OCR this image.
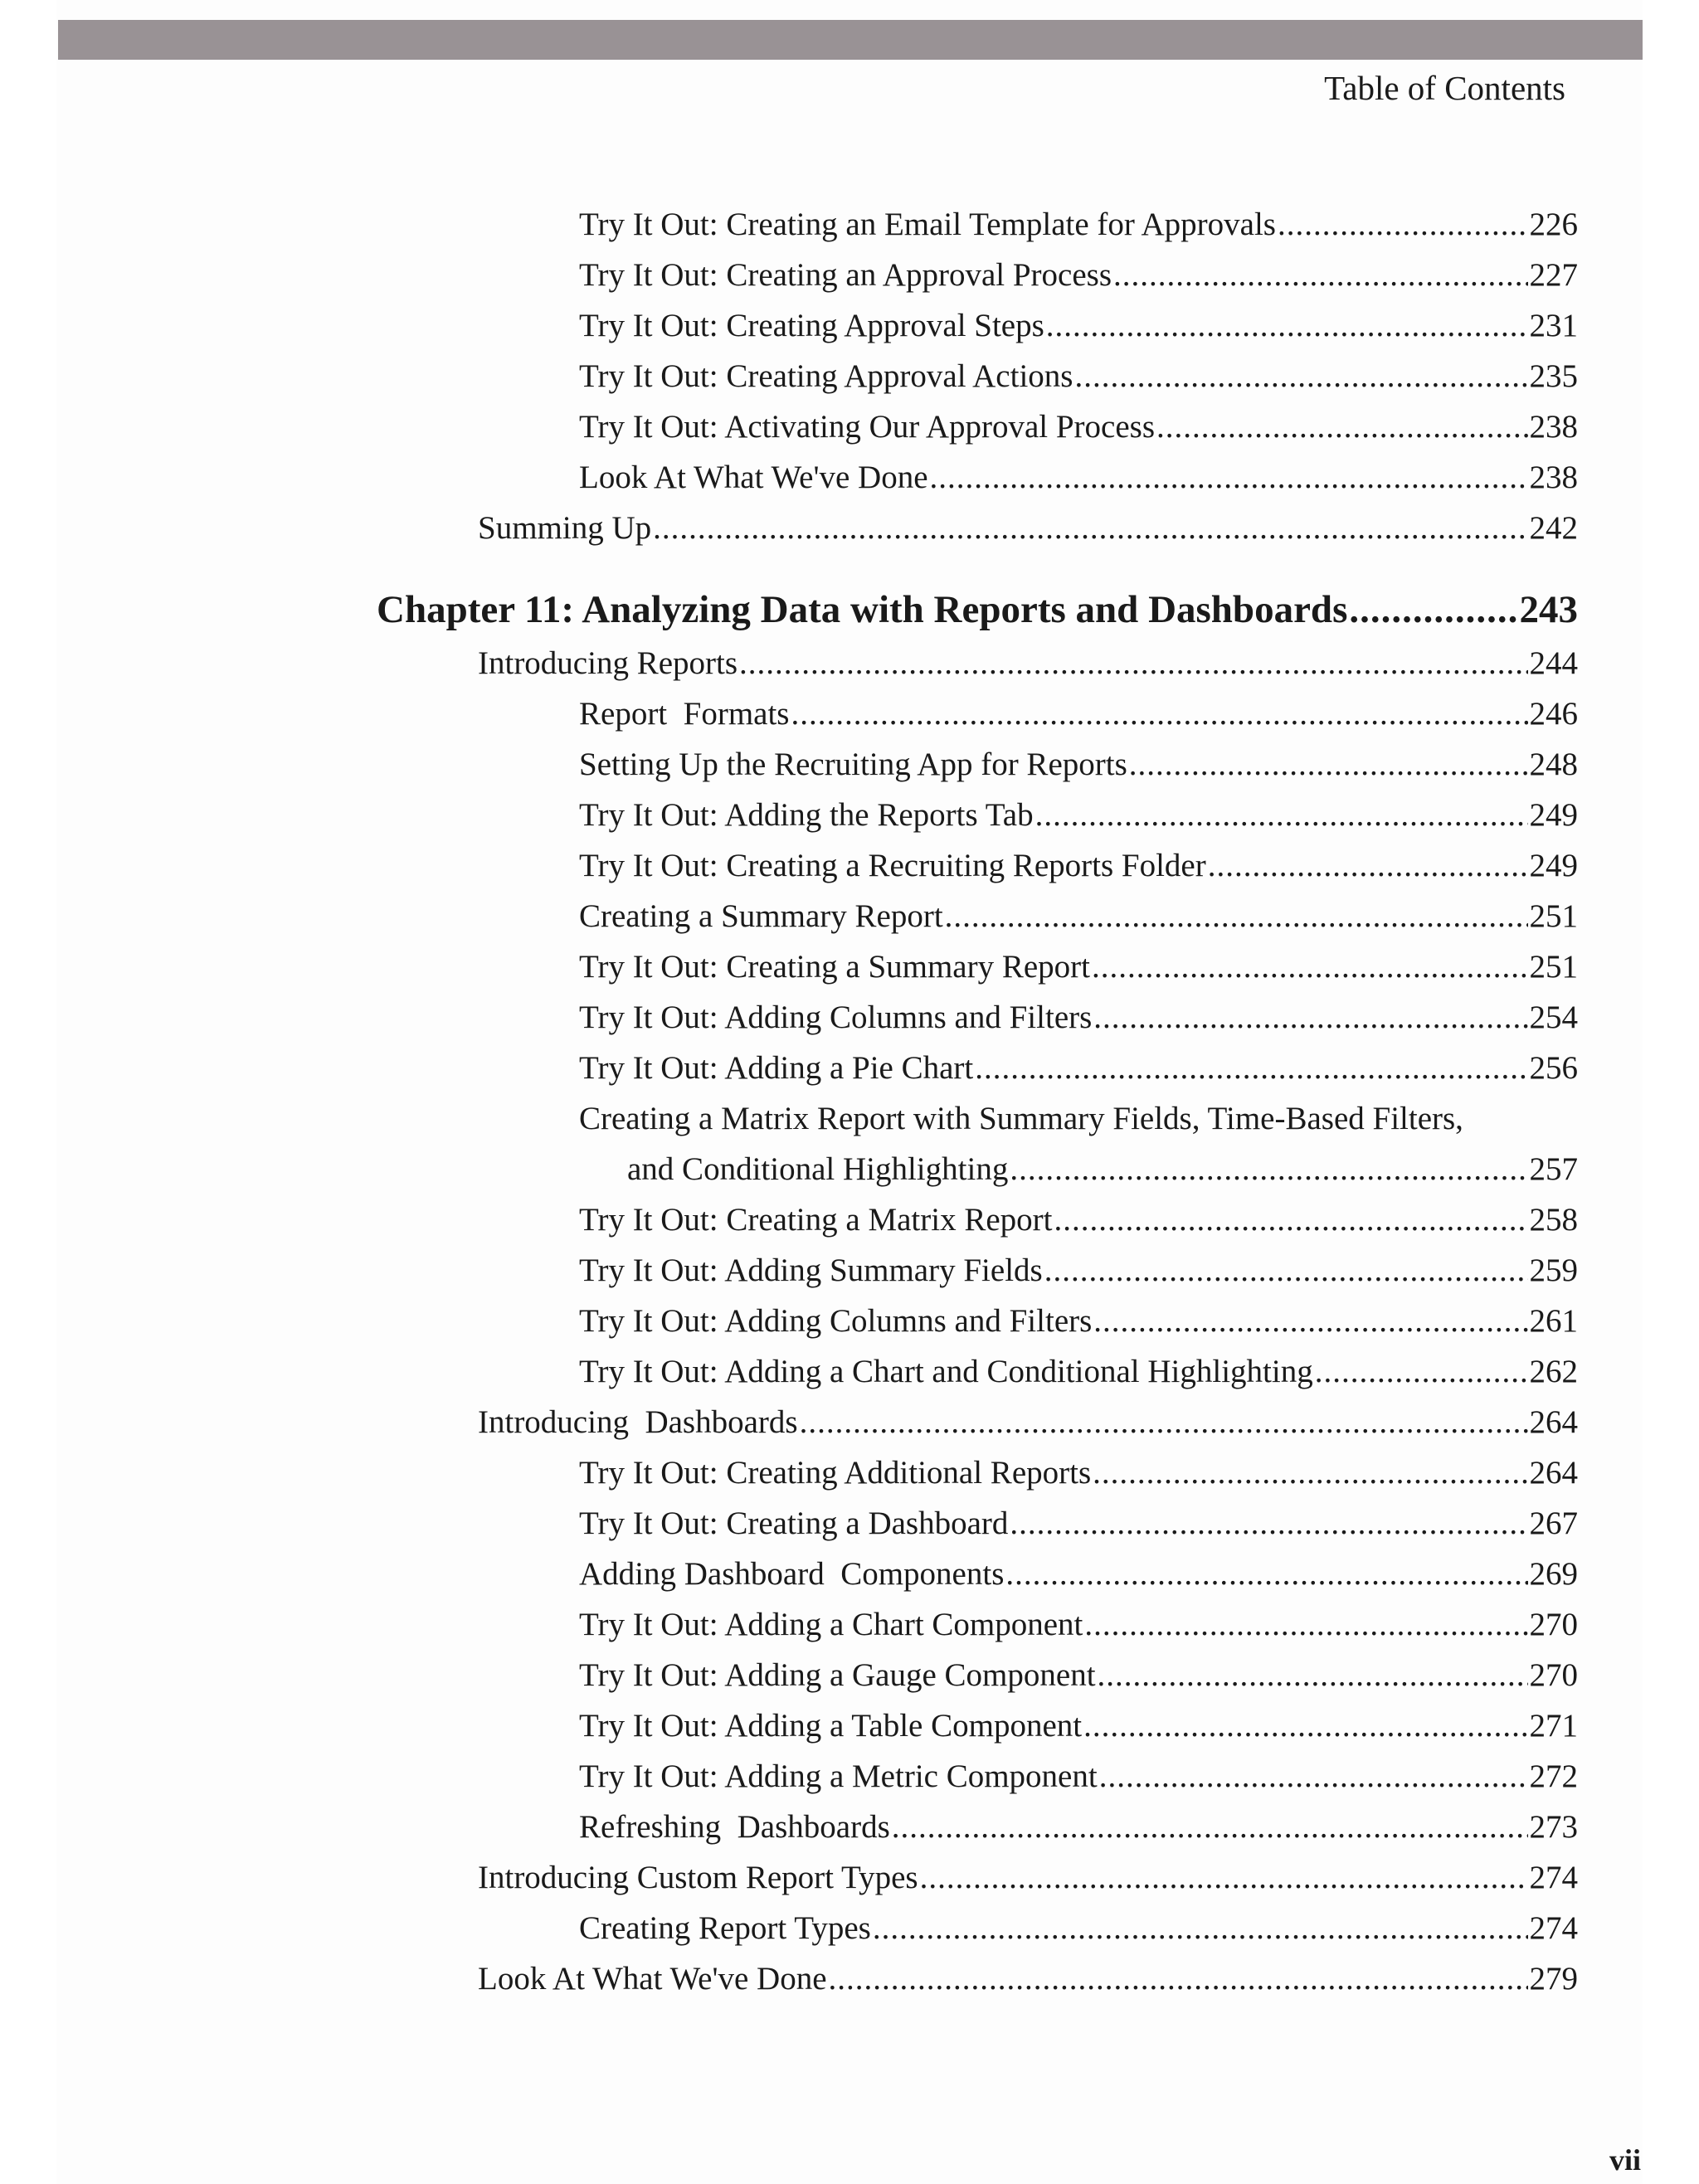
Table of Contents
Try It Out: Creating an Email Template for Approvals .....	226
Try It Out: Creating an Approval Process .....	227
Try It Out: Creating Approval Steps .....	231
Try It Out: Creating Approval Actions .....	235
Try It Out: Activating Our Approval Process .....	238
Look At What We've Done .....	238
Summing Up .....	242
Chapter 11: Analyzing Data with Reports and Dashboards .....	243
Introducing Reports .....	244
Report  Formats .....	246
Setting Up the Recruiting App for Reports .....	248
Try It Out: Adding the Reports Tab .....	249
Try It Out: Creating a Recruiting Reports Folder .....	249
Creating a Summary Report .....	251
Try It Out: Creating a Summary Report .....	251
Try It Out: Adding Columns and Filters .....	254
Try It Out: Adding a Pie Chart .....	256
Creating a Matrix Report with Summary Fields, Time-Based Filters,
and Conditional Highlighting .....	257
Try It Out: Creating a Matrix Report .....	258
Try It Out: Adding Summary Fields .....	259
Try It Out: Adding Columns and Filters .....	261
Try It Out: Adding a Chart and Conditional Highlighting .....	262
Introducing  Dashboards .....	264
Try It Out: Creating Additional Reports .....	264
Try It Out: Creating a Dashboard .....	267
Adding Dashboard  Components .....	269
Try It Out: Adding a Chart Component .....	270
Try It Out: Adding a Gauge Component .....	270
Try It Out: Adding a Table Component .....	271
Try It Out: Adding a Metric Component .....	272
Refreshing  Dashboards .....	273
Introducing Custom Report Types .....	274
Creating Report Types .....	274
Look At What We've Done .....	279
vii
